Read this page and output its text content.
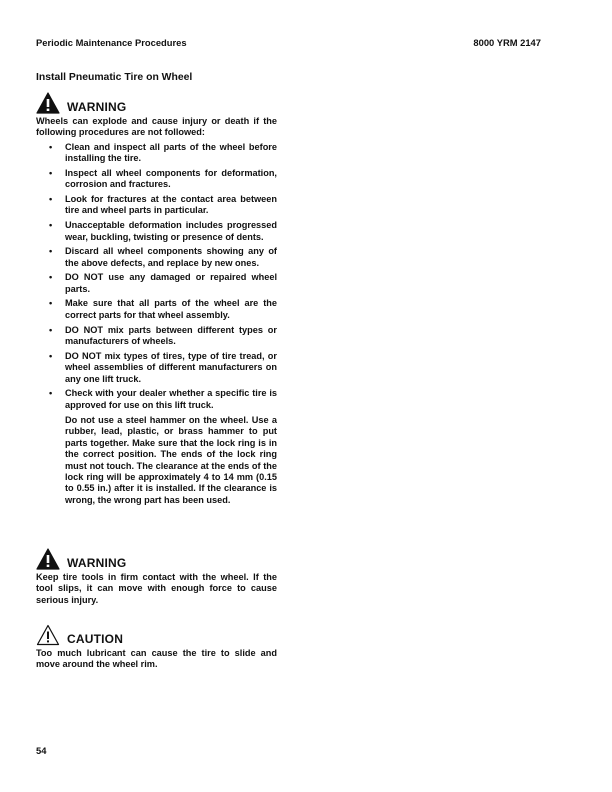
Periodic Maintenance Procedures	8000 YRM 2147
Install Pneumatic Tire on Wheel
WARNING
Wheels can explode and cause injury or death if the following procedures are not followed:
• Clean and inspect all parts of the wheel before installing the tire.
• Inspect all wheel components for deformation, corrosion and fractures.
• Look for fractures at the contact area between tire and wheel parts in particular.
• Unacceptable deformation includes progressed wear, buckling, twisting or presence of dents.
• Discard all wheel components showing any of the above defects, and replace by new ones.
• DO NOT use any damaged or repaired wheel parts.
• Make sure that all parts of the wheel are the correct parts for that wheel assembly.
• DO NOT mix parts between different types or manufacturers of wheels.
• DO NOT mix types of tires, type of tire tread, or wheel assemblies of different manufacturers on any one lift truck.
• Check with your dealer whether a specific tire is approved for use on this lift truck.
Do not use a steel hammer on the wheel. Use a rubber, lead, plastic, or brass hammer to put parts together. Make sure that the lock ring is in the correct position. The ends of the lock ring must not touch. The clearance at the ends of the lock ring will be approximately 4 to 14 mm (0.15 to 0.55 in.) after it is installed. If the clearance is wrong, the wrong part has been used.
WARNING
Keep tire tools in firm contact with the wheel. If the tool slips, it can move with enough force to cause serious injury.
CAUTION
Too much lubricant can cause the tire to slide and move around the wheel rim.
54
